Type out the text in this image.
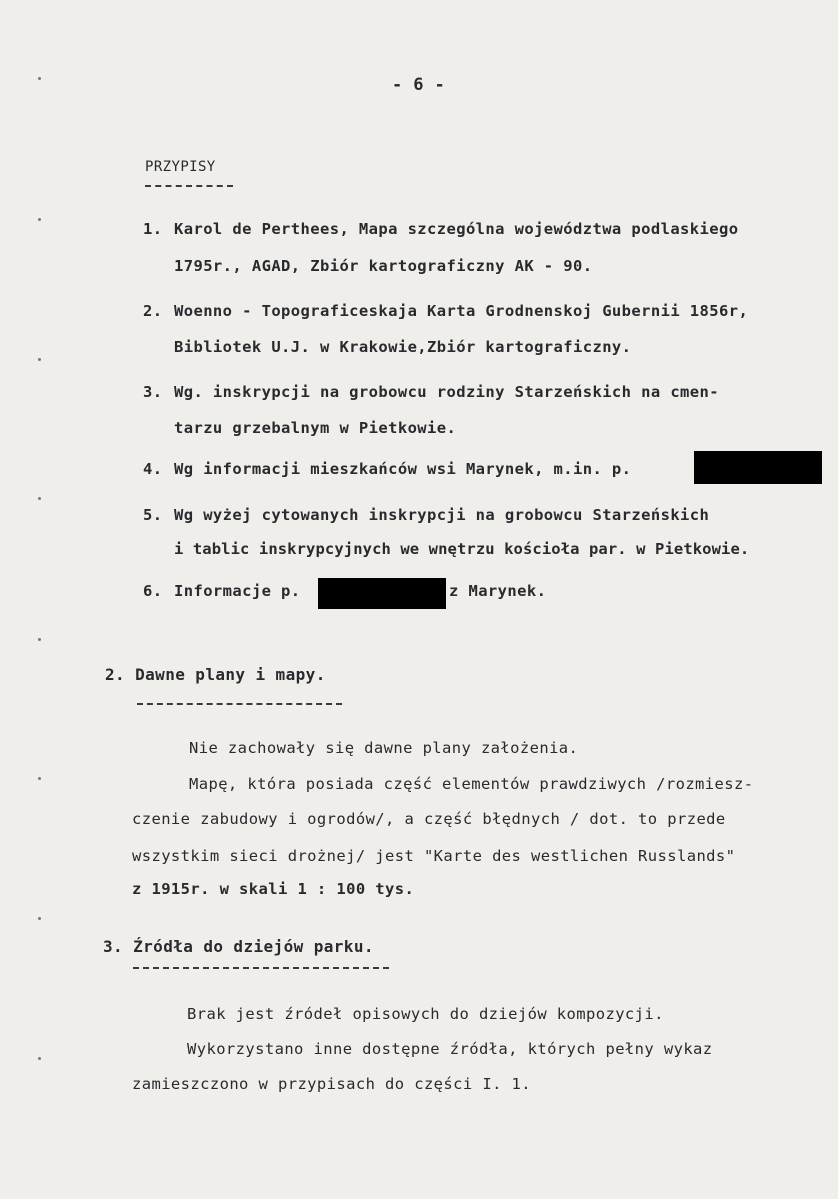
- 6 -
PRZYPISY
1. Karol de Perthees, Mapa szczególna województwa podlaskiego
1795r., AGAD, Zbiór kartograficzny AK - 90.
2. Woenno - Topograficeskaja Karta Grodnenskoj Gubernii 1856r,
Bibliotek U.J. w Krakowie,Zbiór kartograficzny.
3. Wg. inskrypcji na grobowcu rodziny Starzeńskich na cmen-
tarzu grzebalnym w Pietkowie.
4. Wg informacji mieszkańców wsi Marynek, m.in. p.
5. Wg wyżej cytowanych inskrypcji na grobowcu Starzeńskich
i tablic inskrypcyjnych we wnętrzu kościoła par. w Pietkowie.
6. Informacje p.	z Marynek.
2. Dawne plany i mapy.
Nie zachowały się dawne plany założenia.
Mapę, która posiada część elementów prawdziwych /rozmiesz-
czenie zabudowy i ogrodów/, a część błędnych / dot. to przede
wszystkim sieci drożnej/ jest "Karte des westlichen Russlands"
z 1915r. w skali 1 : 100 tys.
3. Źródła do dziejów parku.
Brak jest źródeł opisowych do dziejów kompozycji.
Wykorzystano inne dostępne źródła, których pełny wykaz
zamieszczono w przypisach do części I. 1.
